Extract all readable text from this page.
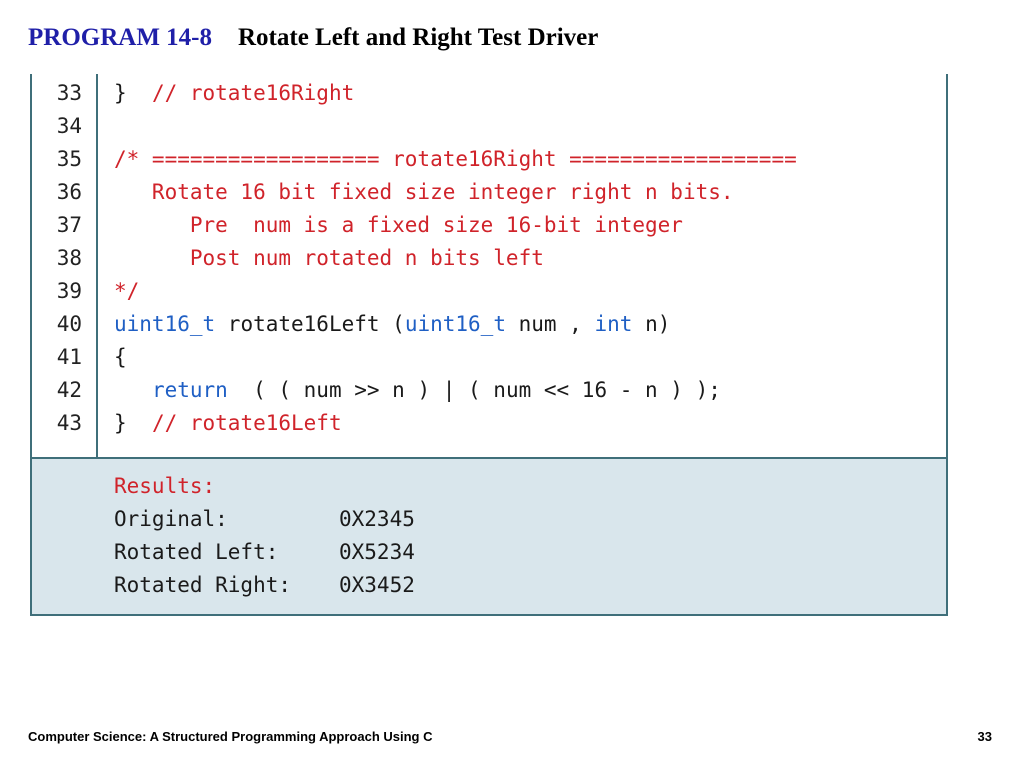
PROGRAM 14-8 Rotate Left and Right Test Driver
33 }  // rotate16Right
34
35 /* ================== rotate16Right ==================
36 Rotate 16 bit fixed size integer right n bits.
37 Pre  num is a fixed size 16-bit integer
38 Post num rotated n bits left
39 */
40 uint16_t rotate16Left (uint16_t num , int n)
41 {
42	return  ( ( num >> n ) | ( num << 16 - n ) );
43 }  // rotate16Left
Results:
Original:	0X2345
Rotated Left:	0X5234
Rotated Right: 0X3452
Computer Science: A Structured Programming Approach Using C	33
